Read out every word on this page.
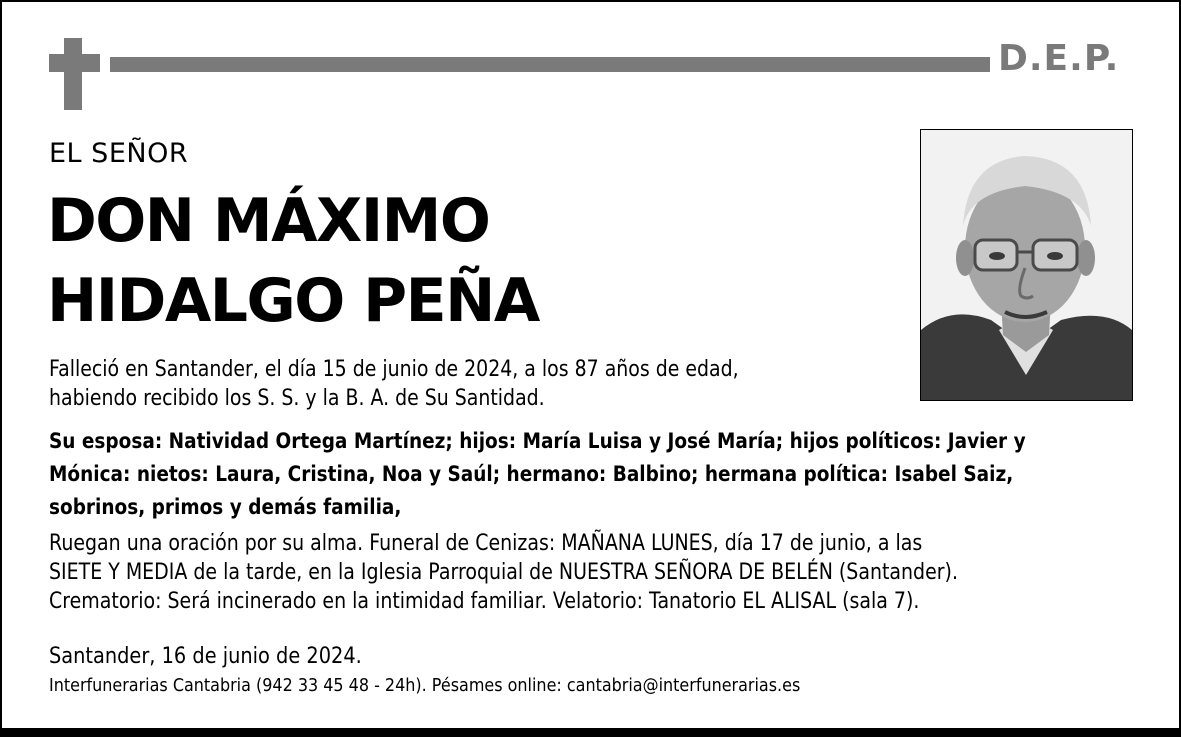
D.E.P.
EL SEÑOR
DON MÁXIMO
HIDALGO PEÑA
Falleció en Santander, el día 15 de junio de 2024, a los 87 años de edad,
habiendo recibido los S. S. y la B. A. de Su Santidad.
Su esposa: Natividad Ortega Martínez; hijos: María Luisa y José María; hijos políticos: Javier y
Mónica: nietos: Laura, Cristina, Noa y Saúl; hermano: Balbino; hermana política: Isabel Saiz,
sobrinos, primos y demás familia,
Ruegan una oración por su alma. Funeral de Cenizas: MAÑANA LUNES, día 17 de junio, a las
SIETE Y MEDIA de la tarde, en la Iglesia Parroquial de NUESTRA SEÑORA DE BELÉN (Santander).
Crematorio: Será incinerado en la intimidad familiar. Velatorio: Tanatorio EL ALISAL (sala 7).
Santander, 16 de junio de 2024.
Interfunerarias Cantabria (942 33 45 48 - 24h). Pésames online: cantabria@interfunerarias.es
